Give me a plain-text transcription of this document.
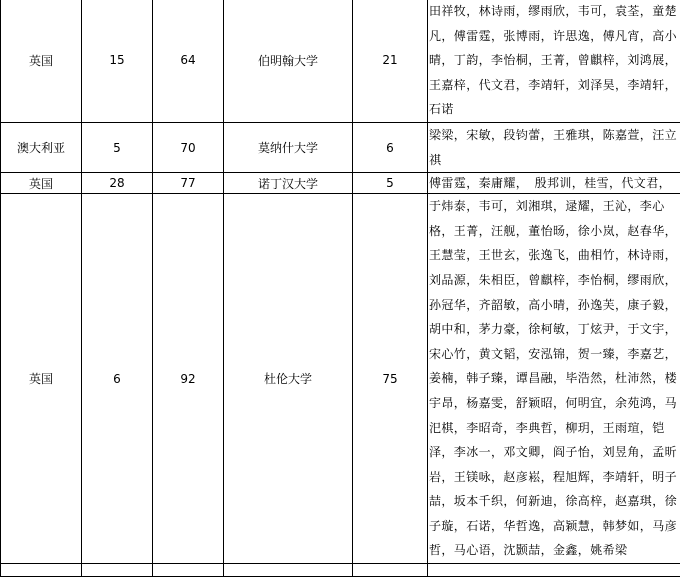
英国	15	64	伯明翰大学	21	田祥牧，林诗雨，缪雨欣，韦可，袁荃，童楚凡，傅雷霆，张博雨，许思逸，傅凡宵，高小晴，丁韵，李怡桐，王菁，曾麒梓，刘鸿展，王嘉梓，代文君，李靖轩，刘泽昊，李靖轩，石诺
澳大利亚	5	70	莫纳什大学	6	梁梁，宋敏，段钧蕾，王雅琪，陈嘉萱，汪立祺
英国	28	77	诺丁汉大学	5	傅雷霆，秦庸耀，　殷邦训，桂雪，代文君，
英国	6	92	杜伦大学	75	于炜泰，韦可，刘湘琪，逯耀，王沁，李心格，王菁，汪舰，董怡旸，徐小岚，赵春华，王慧莹，王世玄，张逸飞，曲相竹，林诗雨，刘品源，朱相臣，曾麒梓，李怡桐，缪雨欣，孙冠华，齐韶敏，高小晴，孙逸芙，康子毅，胡中和，茅力豪，徐柯敏，丁炫尹，于文宇，宋心竹，黄文韬，安泓锦，贺一臻，李嘉艺，姜楠，韩子臻，谭昌融，毕浩然，杜沛然，楼宇昂，杨嘉雯，舒颖昭，何明宜，余苑鸿，马汜棋，李昭奇，李典哲，柳玥，王雨瑄，铠泽，李冰一，邓文卿，阎子怡，刘昱角，孟昕岩，王镁咏，赵彦崧，程旭辉，李靖轩，明子喆，坂本千织，何新迪，徐高梓，赵嘉琪，徐子璇，石诺，华哲逸，高颖慧，韩梦如，马彦哲，马心语，沈颢喆，金鑫，姚希梁
